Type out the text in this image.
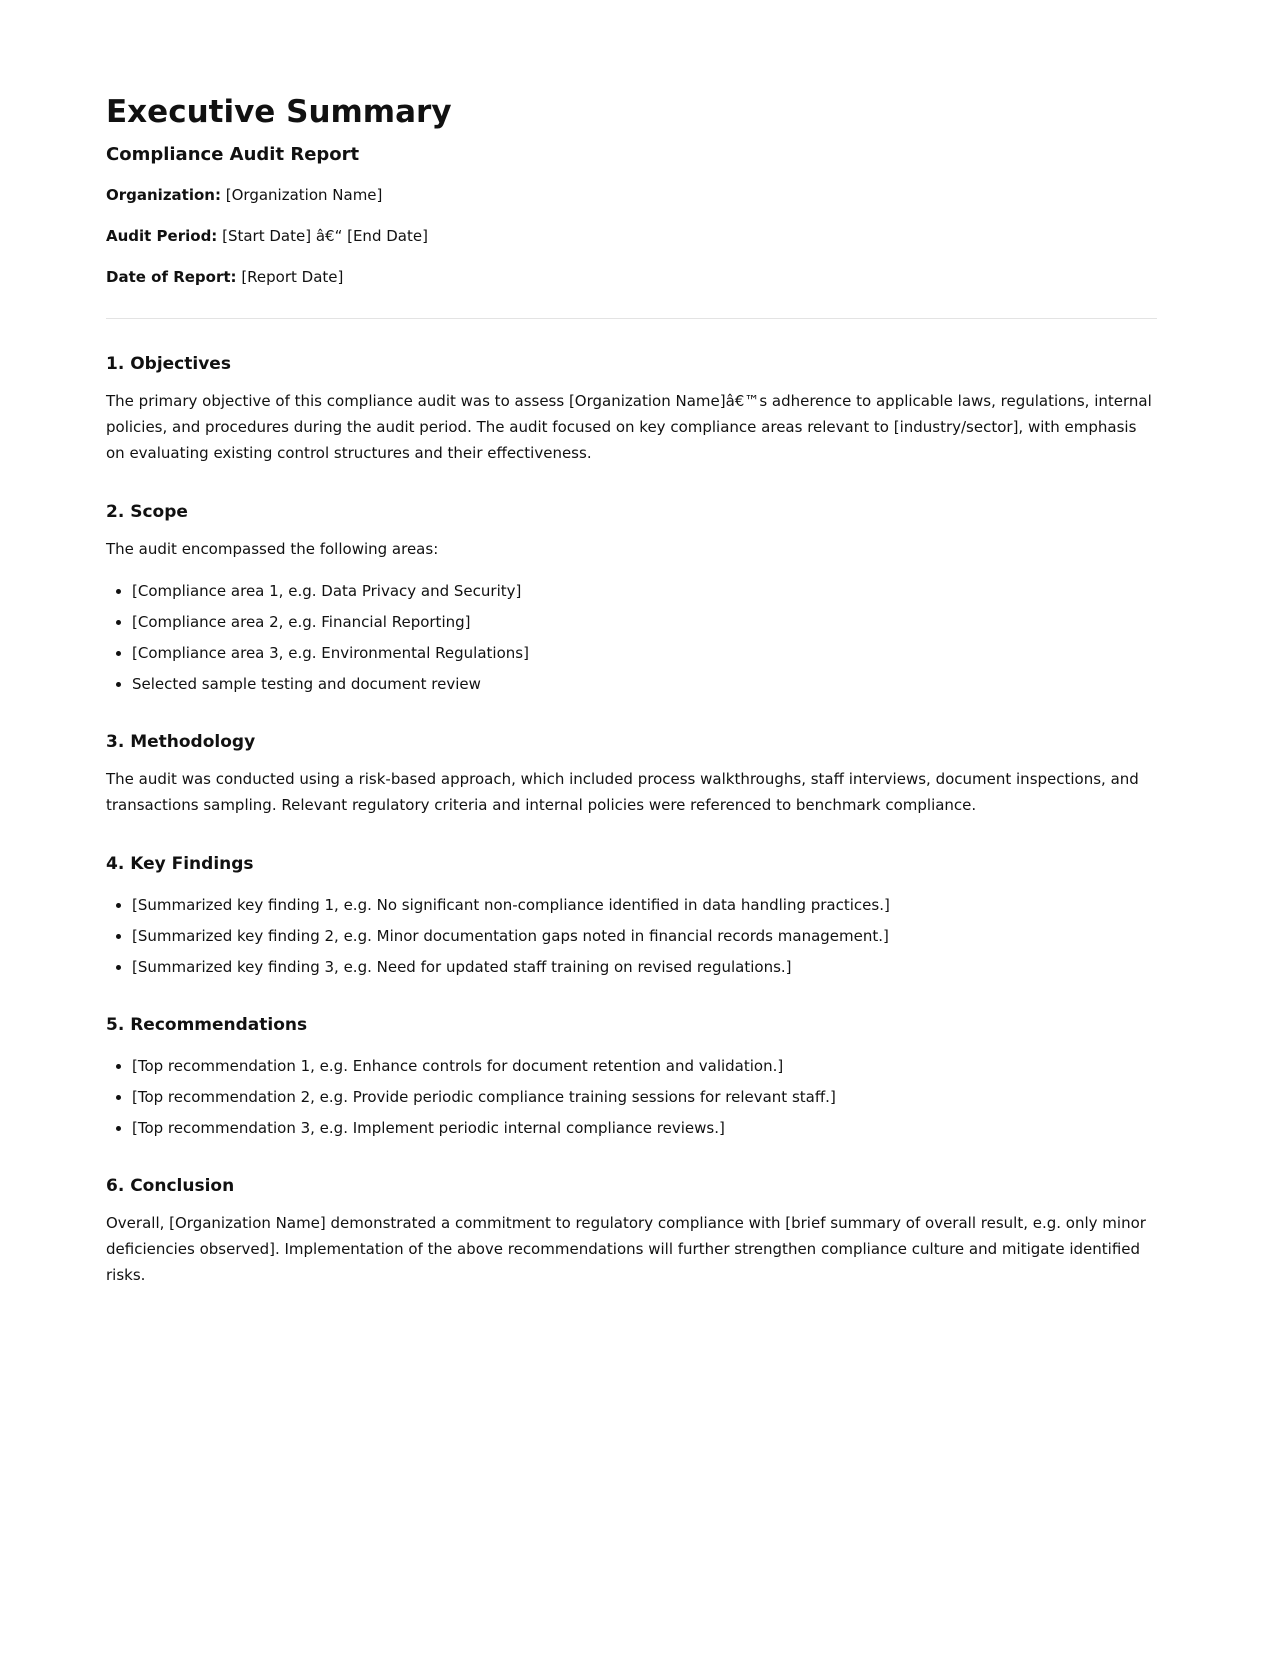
Executive Summary
Compliance Audit Report

Organization: [Organization Name]

Audit Period: [Start Date] â€“ [End Date]

Date of Report: [Report Date]

1. Objectives

The primary objective of this compliance audit was to assess [Organization Name]â€™s adherence to applicable laws, regulations, internal policies, and procedures during the audit period. The audit focused on key compliance areas relevant to [industry/sector], with emphasis on evaluating existing control structures and their effectiveness.

2. Scope

The audit encompassed the following areas:

• [Compliance area 1, e.g. Data Privacy and Security]
• [Compliance area 2, e.g. Financial Reporting]
• [Compliance area 3, e.g. Environmental Regulations]
• Selected sample testing and document review
3. Methodology

The audit was conducted using a risk-based approach, which included process walkthroughs, staff interviews, document inspections, and transactions sampling. Relevant regulatory criteria and internal policies were referenced to benchmark compliance.

4. Key Findings
• [Summarized key finding 1, e.g. No significant non-compliance identified in data handling practices.]
• [Summarized key finding 2, e.g. Minor documentation gaps noted in financial records management.]
• [Summarized key finding 3, e.g. Need for updated staff training on revised regulations.]
5. Recommendations
• [Top recommendation 1, e.g. Enhance controls for document retention and validation.]
• [Top recommendation 2, e.g. Provide periodic compliance training sessions for relevant staff.]
• [Top recommendation 3, e.g. Implement periodic internal compliance reviews.]
6. Conclusion

Overall, [Organization Name] demonstrated a commitment to regulatory compliance with [brief summary of overall result, e.g. only minor deficiencies observed]. Implementation of the above recommendations will further strengthen compliance culture and mitigate identified risks.
